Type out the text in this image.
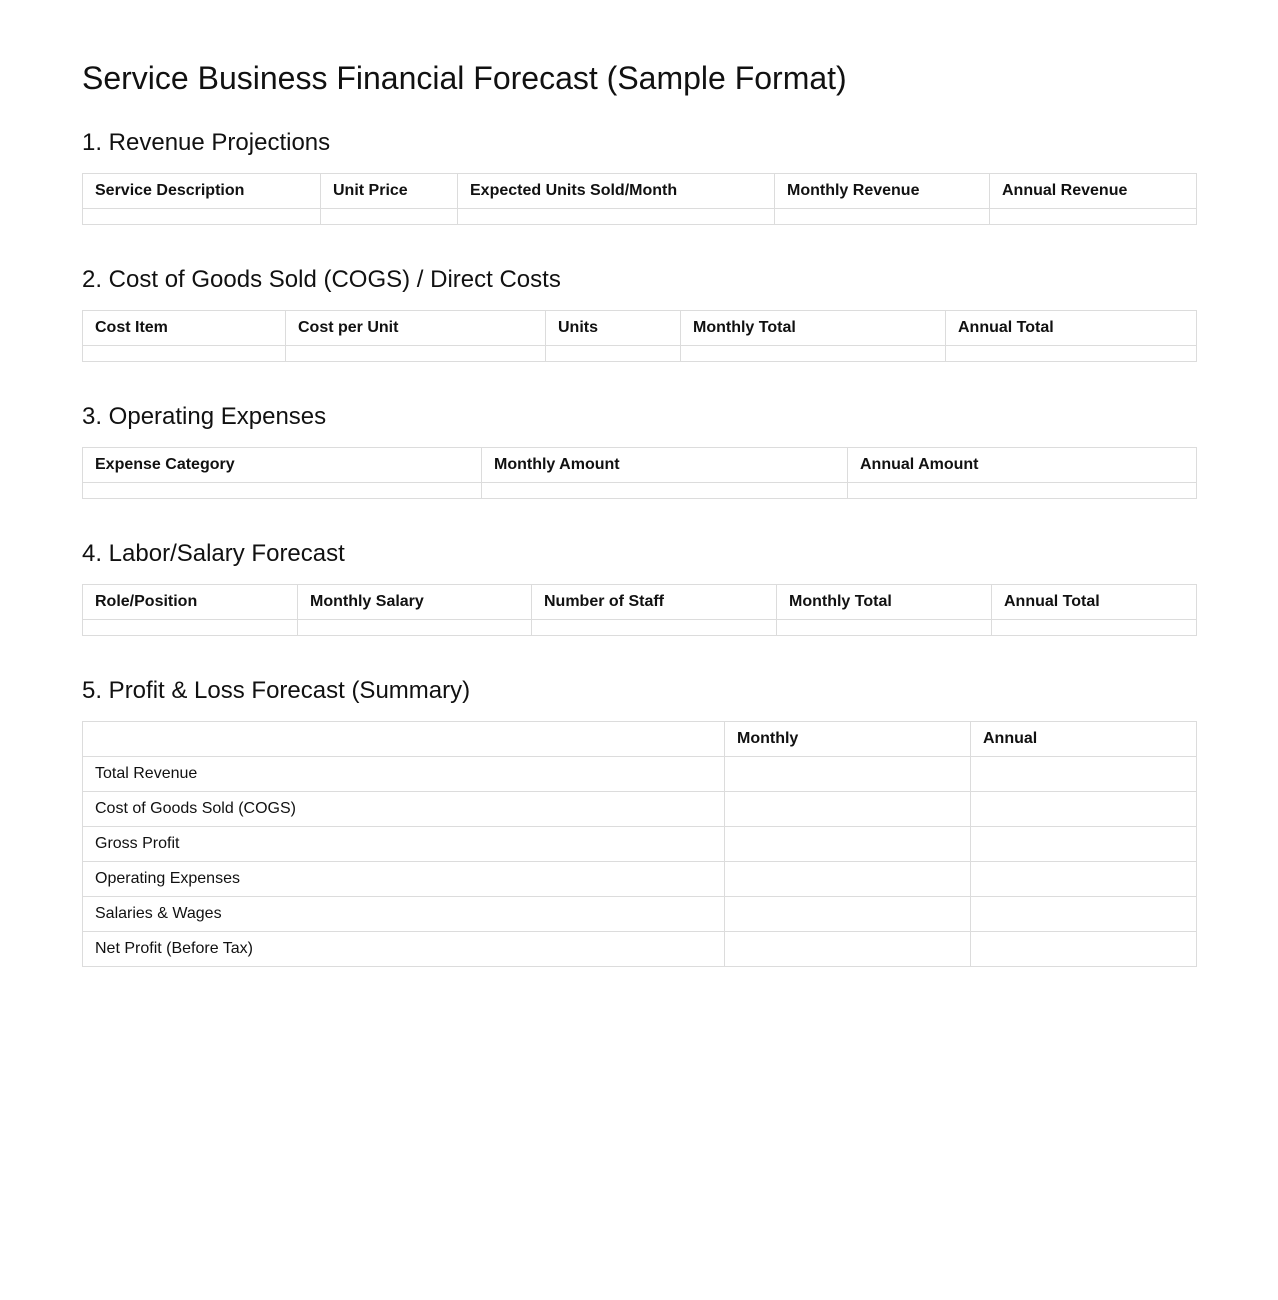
Service Business Financial Forecast (Sample Format)
1. Revenue Projections
Service Description	Unit Price	Expected Units Sold/Month	Monthly Revenue	Annual Revenue

2. Cost of Goods Sold (COGS) / Direct Costs
Cost Item	Cost per Unit	Units	Monthly Total	Annual Total

3. Operating Expenses
Expense Category	Monthly Amount	Annual Amount

4. Labor/Salary Forecast
Role/Position	Monthly Salary	Number of Staff	Monthly Total	Annual Total

5. Profit & Loss Forecast (Summary)
	Monthly	Annual
Total Revenue		
Cost of Goods Sold (COGS)		
Gross Profit		
Operating Expenses		
Salaries & Wages		
Net Profit (Before Tax)		
